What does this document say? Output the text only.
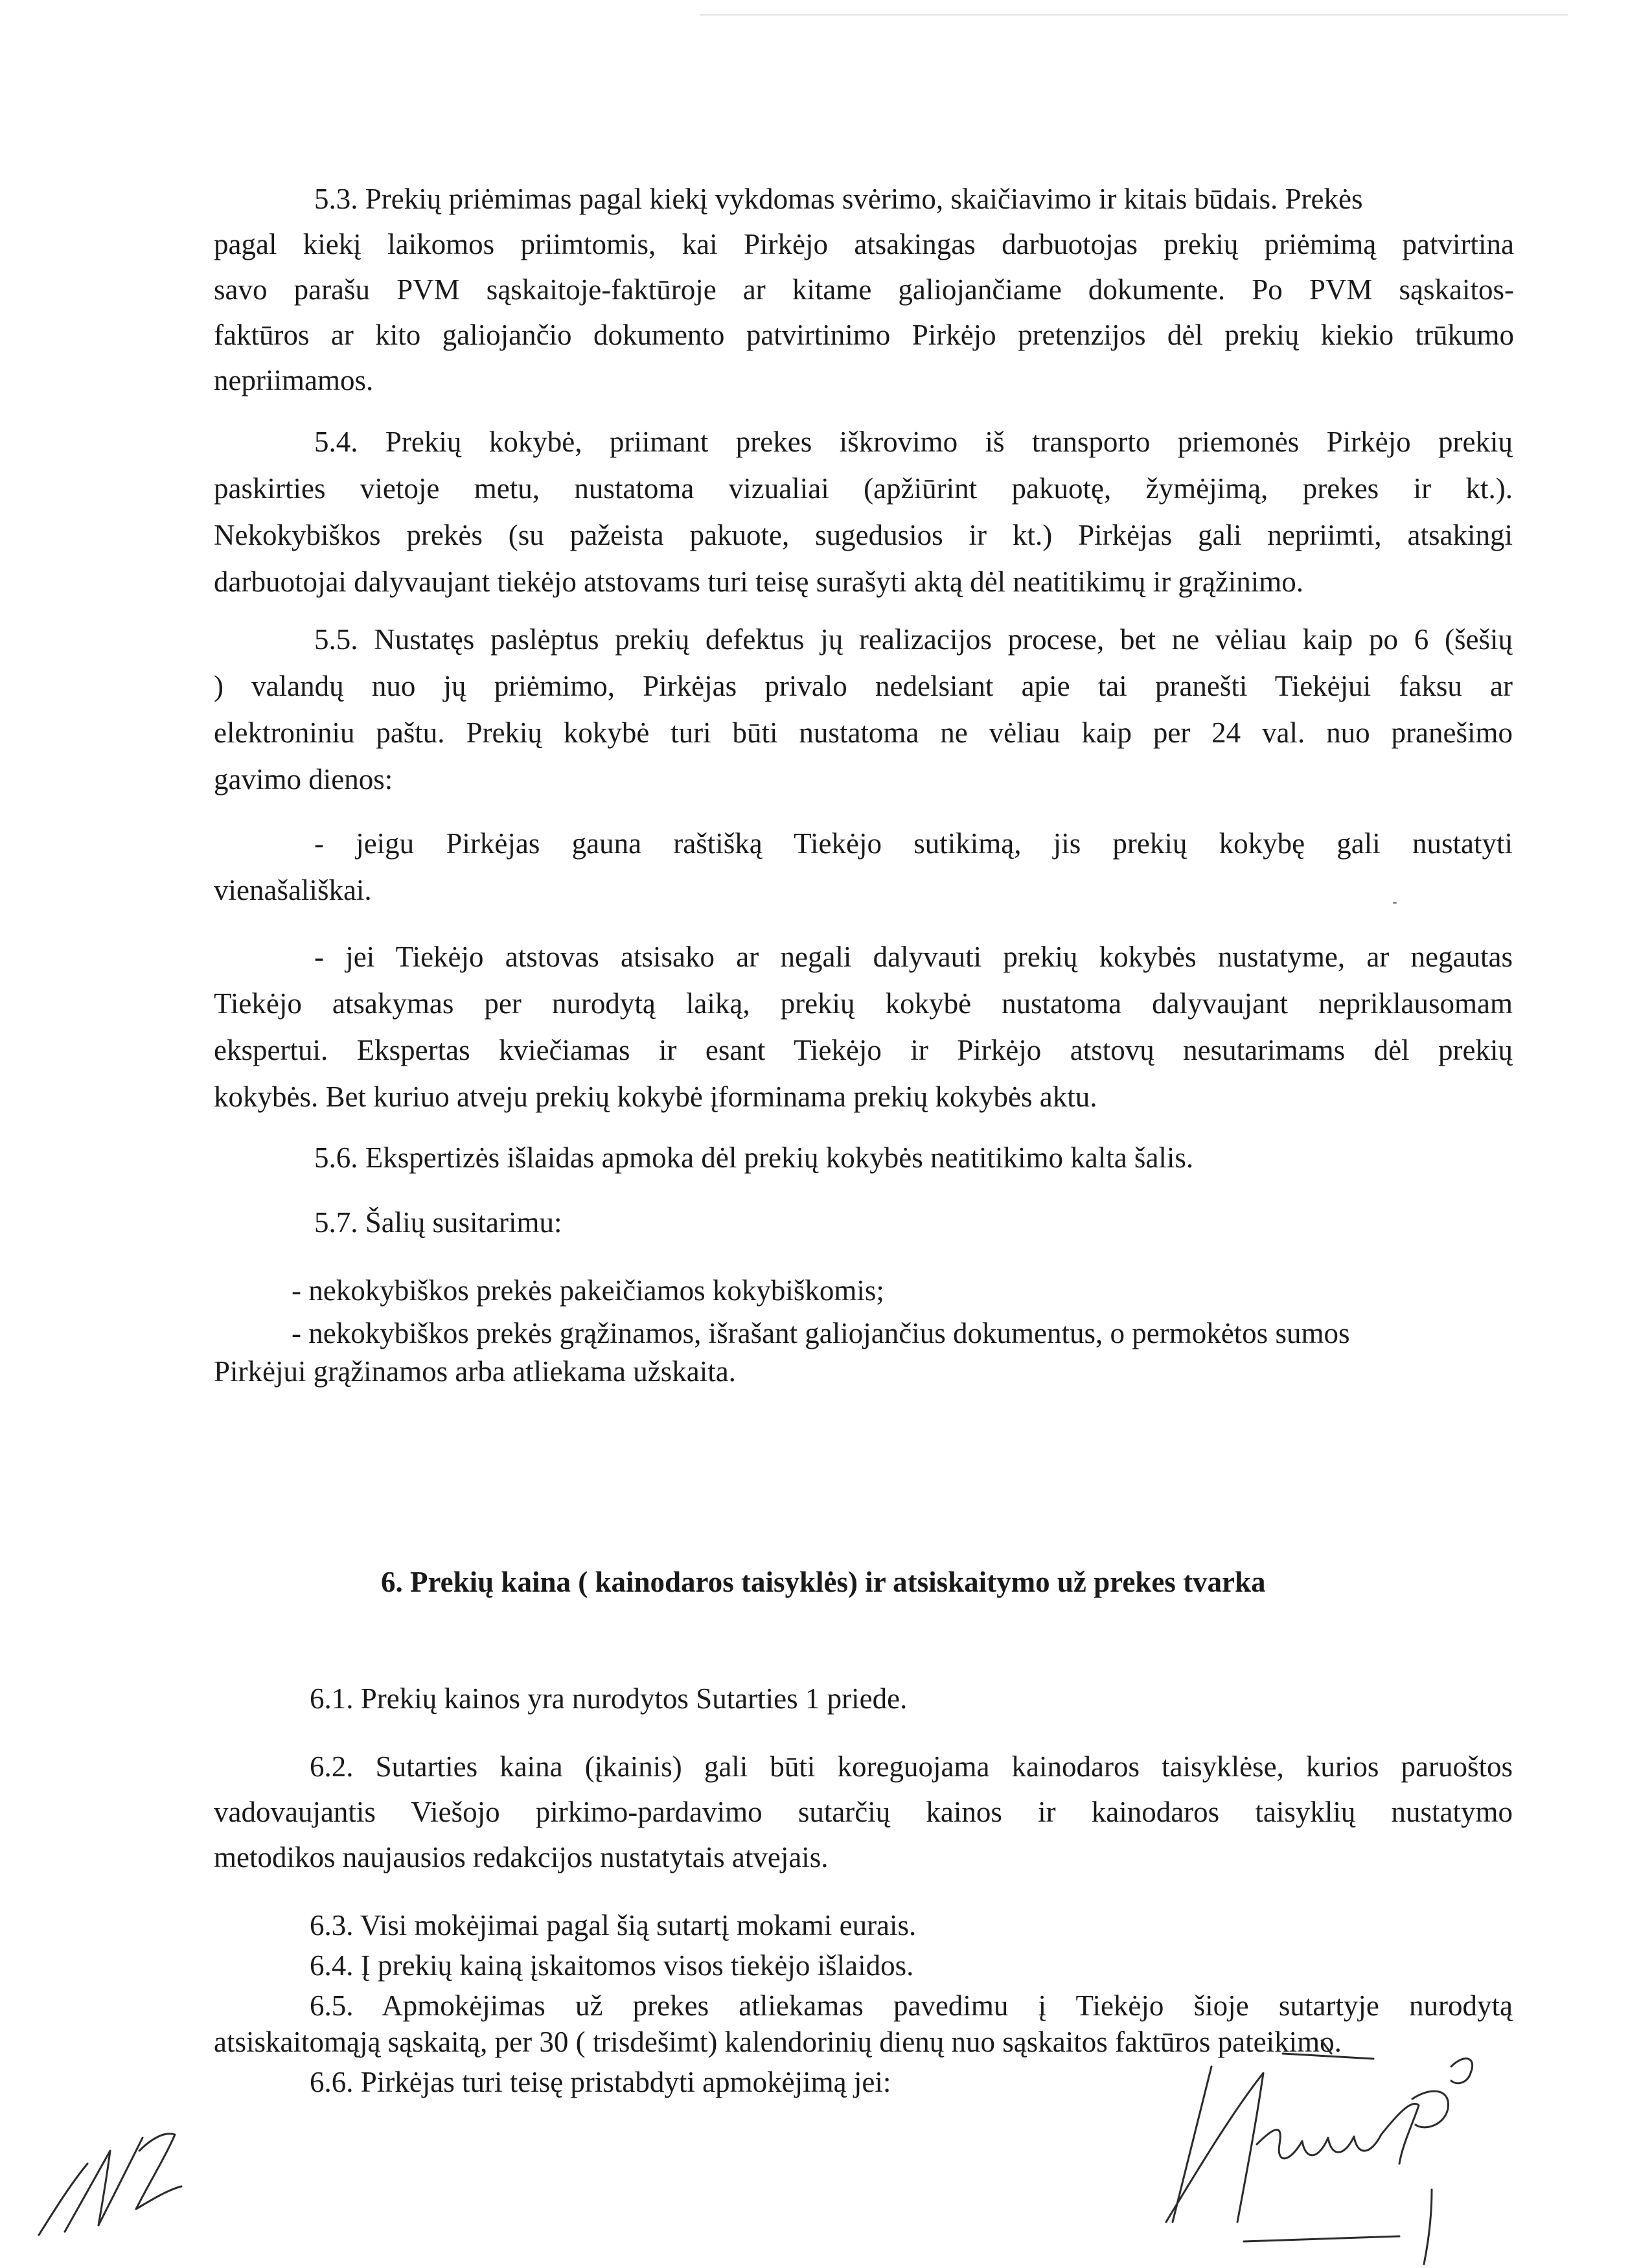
5.3. Prekių priėmimas pagal kiekį vykdomas svėrimo, skaičiavimo ir kitais būdais. Prekės

pagal kiekį laikomos priimtomis, kai Pirkėjo atsakingas darbuotojas prekių priėmimą patvirtina

savo parašu PVM sąskaitoje-faktūroje ar kitame galiojančiame dokumente. Po PVM sąskaitos-

faktūros ar kito galiojančio dokumento patvirtinimo Pirkėjo pretenzijos dėl prekių kiekio trūkumo

nepriimamos.

5.4. Prekių kokybė, priimant prekes iškrovimo iš transporto priemonės Pirkėjo prekių

paskirties vietoje metu, nustatoma vizualiai (apžiūrint pakuotę, žymėjimą, prekes ir kt.).

Nekokybiškos prekės (su pažeista pakuote, sugedusios ir kt.) Pirkėjas gali nepriimti, atsakingi

darbuotojai dalyvaujant tiekėjo atstovams turi teisę surašyti aktą dėl neatitikimų ir grąžinimo.

5.5. Nustatęs paslėptus prekių defektus jų realizacijos procese, bet ne vėliau kaip po 6 (šešių

) valandų nuo jų priėmimo, Pirkėjas privalo nedelsiant apie tai pranešti Tiekėjui faksu ar

elektroniniu paštu. Prekių kokybė turi būti nustatoma ne vėliau kaip per 24 val. nuo pranešimo

gavimo dienos:

- jeigu Pirkėjas gauna raštišką Tiekėjo sutikimą, jis prekių kokybę gali nustatyti

vienašališkai.

- jei Tiekėjo atstovas atsisako ar negali dalyvauti prekių kokybės nustatyme, ar negautas

Tiekėjo atsakymas per nurodytą laiką, prekių kokybė nustatoma dalyvaujant nepriklausomam

ekspertui. Ekspertas kviečiamas ir esant Tiekėjo ir Pirkėjo atstovų nesutarimams dėl prekių

kokybės. Bet kuriuo atveju prekių kokybė įforminama prekių kokybės aktu.

5.6. Ekspertizės išlaidas apmoka dėl prekių kokybės neatitikimo kalta šalis.

5.7. Šalių susitarimu:

- nekokybiškos prekės pakeičiamos kokybiškomis;

- nekokybiškos prekės grąžinamos, išrašant galiojančius dokumentus, o permokėtos sumos

Pirkėjui grąžinamos arba atliekama užskaita.

6. Prekių kaina ( kainodaros taisyklės) ir atsiskaitymo už prekes tvarka

6.1. Prekių kainos yra nurodytos Sutarties 1 priede.

6.2. Sutarties kaina (įkainis) gali būti koreguojama kainodaros taisyklėse, kurios paruoštos

vadovaujantis Viešojo pirkimo-pardavimo sutarčių kainos ir kainodaros taisyklių nustatymo

metodikos naujausios redakcijos nustatytais atvejais.

6.3. Visi mokėjimai pagal šią sutartį mokami eurais.

6.4. Į prekių kainą įskaitomos visos tiekėjo išlaidos.

6.5. Apmokėjimas už prekes atliekamas pavedimu į Tiekėjo šioje sutartyje nurodytą

atsiskaitomąją sąskaitą, per 30 ( trisdešimt) kalendorinių dienų nuo sąskaitos faktūros pateikimo.

6.6. Pirkėjas turi teisę pristabdyti apmokėjimą jei:
